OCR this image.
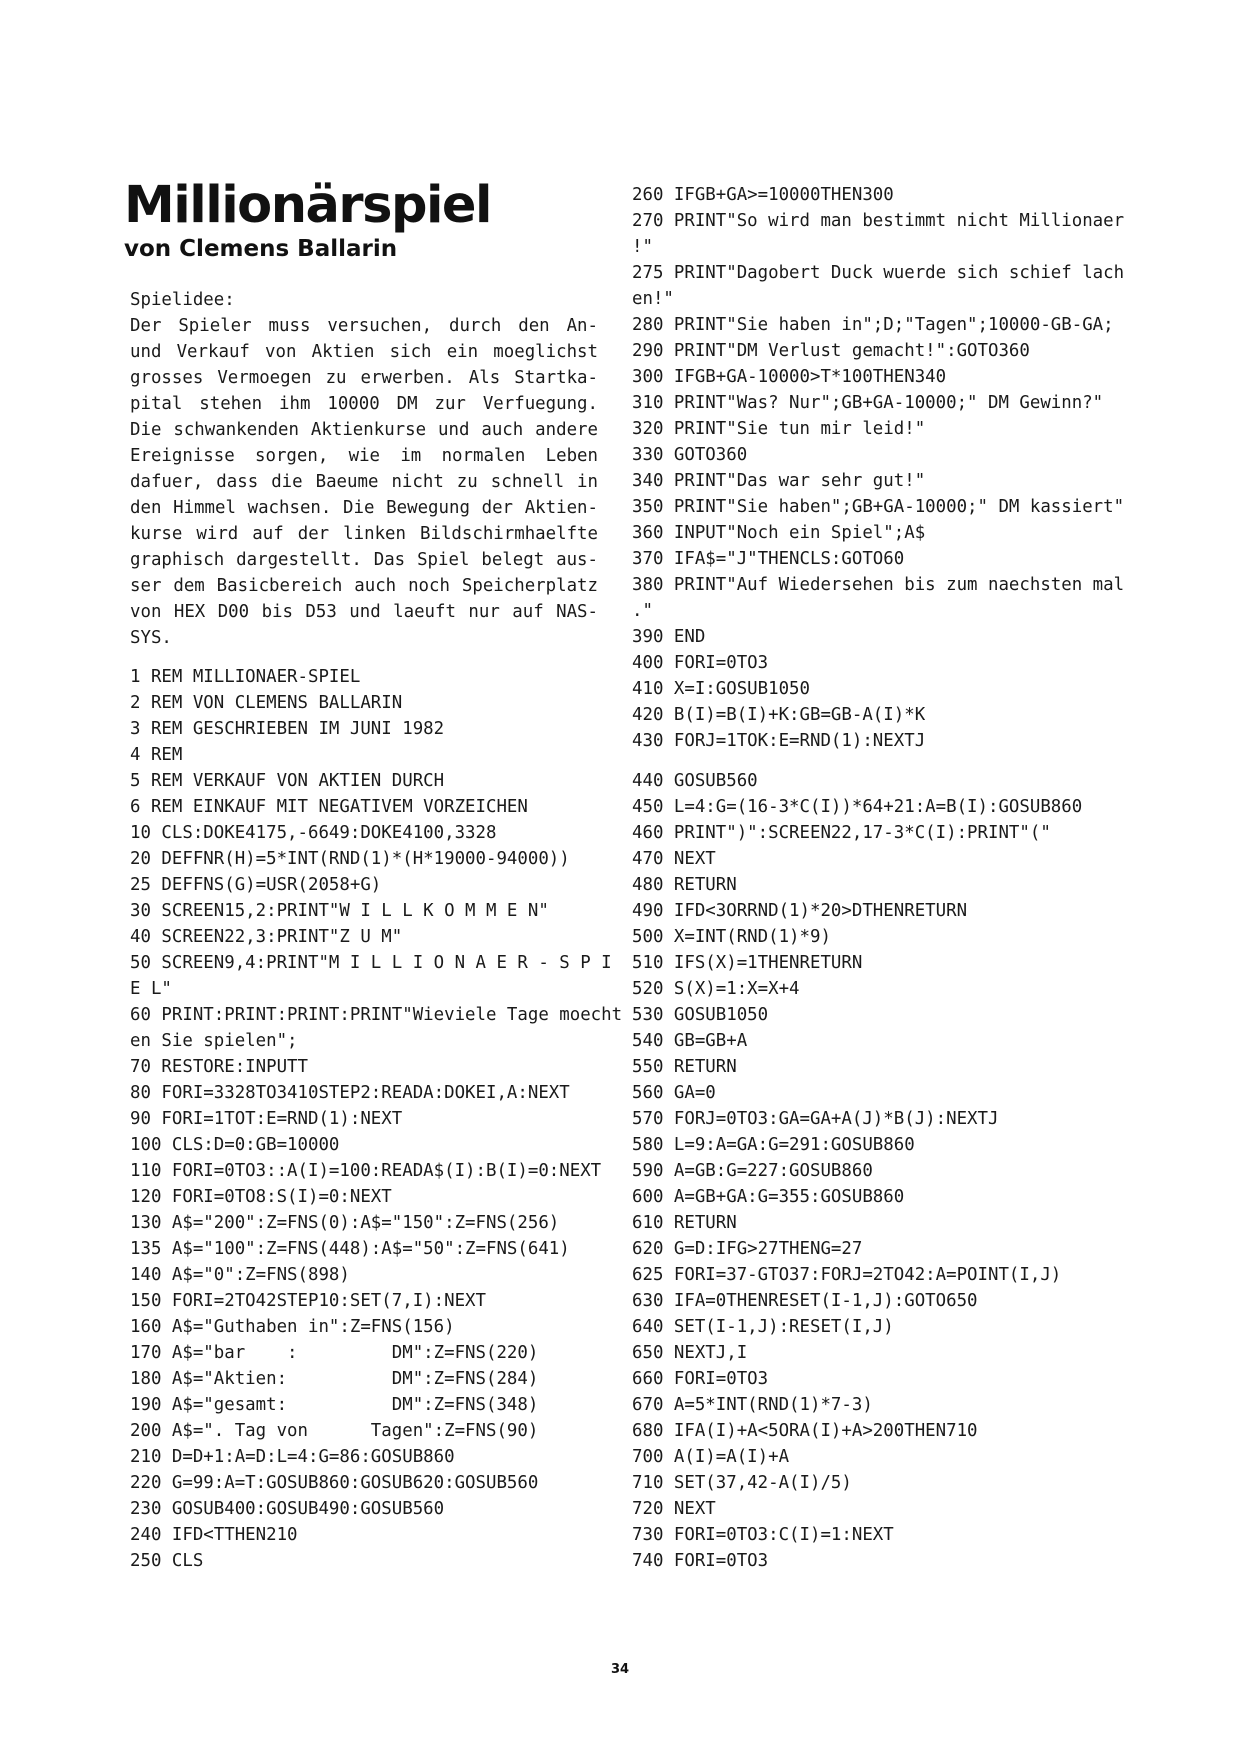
Millionärspiel
von Clemens Ballarin
Spielidee:

Der Spieler muss versuchen, durch den An- und Verkauf von Aktien sich ein moeglichst grosses Vermoegen zu erwerben. Als Startka- pital stehen ihm 10000 DM zur Verfuegung. Die schwankenden Aktienkurse und auch andere Ereignisse sorgen, wie im normalen Leben dafuer, dass die Baeume nicht zu schnell in den Himmel wachsen. Die Bewegung der Aktien- kurse wird auf der linken Bildschirmhaelfte graphisch dargestellt. Das Spiel belegt aus- ser dem Basicbereich auch noch Speicherplatz von HEX D00 bis D53 und laeuft nur auf NAS- SYS.

1 REM MILLIONAER-SPIEL
2 REM VON CLEMENS BALLARIN
3 REM GESCHRIEBEN IM JUNI 1982
4 REM
5 REM VERKAUF VON AKTIEN DURCH
6 REM EINKAUF MIT NEGATIVEM VORZEICHEN
10 CLS:DOKE4175,-6649:DOKE4100,3328
20 DEFFNR(H)=5*INT(RND(1)*(H*19000-94000))
25 DEFFNS(G)=USR(2058+G)
30 SCREEN15,2:PRINT"W I L L K O M M E N"
40 SCREEN22,3:PRINT"Z U M"
50 SCREEN9,4:PRINT"M I L L I O N A E R - S P I
E L"
60 PRINT:PRINT:PRINT:PRINT"Wieviele Tage moecht
en Sie spielen";
70 RESTORE:INPUTT
80 FORI=3328TO3410STEP2:READA:DOKEI,A:NEXT
90 FORI=1TOT:E=RND(1):NEXT
100 CLS:D=0:GB=10000
110 FORI=0TO3::A(I)=100:READA$(I):B(I)=0:NEXT
120 FORI=0TO8:S(I)=0:NEXT
130 A$="200":Z=FNS(0):A$="150":Z=FNS(256)
135 A$="100":Z=FNS(448):A$="50":Z=FNS(641)
140 A$="0":Z=FNS(898)
150 FORI=2TO42STEP10:SET(7,I):NEXT
160 A$="Guthaben in":Z=FNS(156)
170 A$="bar    :         DM":Z=FNS(220)
180 A$="Aktien:          DM":Z=FNS(284)
190 A$="gesamt:          DM":Z=FNS(348)
200 A$=". Tag von      Tagen":Z=FNS(90)
210 D=D+1:A=D:L=4:G=86:GOSUB860
220 G=99:A=T:GOSUB860:GOSUB620:GOSUB560
230 GOSUB400:GOSUB490:GOSUB560
240 IFD<TTHEN210
250 CLS
260 IFGB+GA>=10000THEN300
270 PRINT"So wird man bestimmt nicht Millionaer
!"
275 PRINT"Dagobert Duck wuerde sich schief lach
en!"
280 PRINT"Sie haben in";D;"Tagen";10000-GB-GA;
290 PRINT"DM Verlust gemacht!":GOTO360
300 IFGB+GA-10000>T*100THEN340
310 PRINT"Was? Nur";GB+GA-10000;" DM Gewinn?"
320 PRINT"Sie tun mir leid!"
330 GOTO360
340 PRINT"Das war sehr gut!"
350 PRINT"Sie haben";GB+GA-10000;" DM kassiert"
360 INPUT"Noch ein Spiel";A$
370 IFA$="J"THENCLS:GOTO60
380 PRINT"Auf Wiedersehen bis zum naechsten mal
."
390 END
400 FORI=0TO3
410 X=I:GOSUB1050
420 B(I)=B(I)+K:GB=GB-A(I)*K
430 FORJ=1TOK:E=RND(1):NEXTJ
440 GOSUB560
450 L=4:G=(16-3*C(I))*64+21:A=B(I):GOSUB860
460 PRINT")":SCREEN22,17-3*C(I):PRINT"("
470 NEXT
480 RETURN
490 IFD<3ORRND(1)*20>DTHENRETURN
500 X=INT(RND(1)*9)
510 IFS(X)=1THENRETURN
520 S(X)=1:X=X+4
530 GOSUB1050
540 GB=GB+A
550 RETURN
560 GA=0
570 FORJ=0TO3:GA=GA+A(J)*B(J):NEXTJ
580 L=9:A=GA:G=291:GOSUB860
590 A=GB:G=227:GOSUB860
600 A=GB+GA:G=355:GOSUB860
610 RETURN
620 G=D:IFG>27THENG=27
625 FORI=37-GTO37:FORJ=2TO42:A=POINT(I,J)
630 IFA=0THENRESET(I-1,J):GOTO650
640 SET(I-1,J):RESET(I,J)
650 NEXTJ,I
660 FORI=0TO3
670 A=5*INT(RND(1)*7-3)
680 IFA(I)+A<5ORA(I)+A>200THEN710
700 A(I)=A(I)+A
710 SET(37,42-A(I)/5)
720 NEXT
730 FORI=0TO3:C(I)=1:NEXT
740 FORI=0TO3
34
